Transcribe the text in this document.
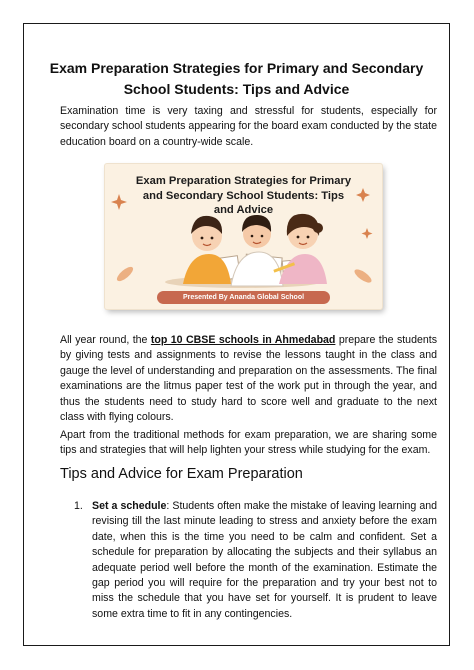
Exam Preparation Strategies for Primary and Secondary School Students: Tips and Advice

Examination time is very taxing and stressful for students, especially for secondary school students appearing for the board exam conducted by the state education board on a country-wide scale.

Exam Preparation Strategies for Primary and Secondary School Students: Tips and Advice

Presented By Ananda Global School

All year round, the top 10 CBSE schools in Ahmedabad prepare the students by giving tests and assignments to revise the lessons taught in the class and gauge the level of understanding and preparation on the assessments. The final examinations are the litmus paper test of the work put in through the year, and thus the students need to study hard to score well and graduate to the next class with flying colours.

Apart from the traditional methods for exam preparation, we are sharing some tips and strategies that will help lighten your stress while studying for the exam.

Tips and Advice for Exam Preparation
1. Set a schedule: Students often make the mistake of leaving learning and revising till the last minute leading to stress and anxiety before the exam date, when this is the time you need to be calm and confident. Set a schedule for preparation by allocating the subjects and their syllabus an adequate period well before the month of the examination. Estimate the gap period you will require for the preparation and try your best not to miss the schedule that you have set for yourself. It is prudent to leave some extra time to fit in any contingencies.
